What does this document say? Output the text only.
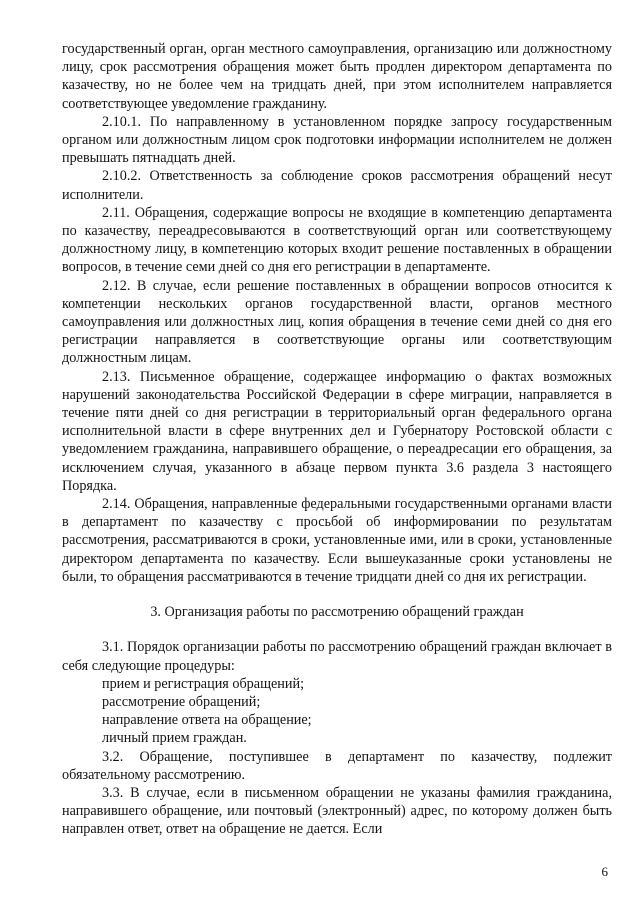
государственный орган, орган местного самоуправления, организацию или должностному лицу, срок рассмотрения обращения может быть продлен директором департамента по казачеству, но не более чем на тридцать дней, при этом исполнителем направляется соответствующее уведомление гражданину.

2.10.1. По направленному в установленном порядке запросу государственным органом или должностным лицом срок подготовки информации исполнителем не должен превышать пятнадцать дней.

2.10.2. Ответственность за соблюдение сроков рассмотрения обращений несут исполнители.

2.11. Обращения, содержащие вопросы не входящие в компетенцию департамента по казачеству, переадресовываются в соответствующий орган или соответствующему должностному лицу, в компетенцию которых входит решение поставленных в обращении вопросов, в течение семи дней со дня его регистрации в департаменте.

2.12. В случае, если решение поставленных в обращении вопросов относится к компетенции нескольких органов государственной власти, органов местного самоуправления или должностных лиц, копия обращения в течение семи дней со дня его регистрации направляется в соответствующие органы или соответствующим должностным лицам.

2.13. Письменное обращение, содержащее информацию о фактах возможных нарушений законодательства Российской Федерации в сфере миграции, направляется в течение пяти дней со дня регистрации в территориальный орган федерального органа исполнительной власти в сфере внутренних дел и Губернатору Ростовской области с уведомлением гражданина, направившего обращение, о переадресации его обращения, за исключением случая, указанного в абзаце первом пункта 3.6 раздела 3 настоящего Порядка.

2.14. Обращения, направленные федеральными государственными органами власти в департамент по казачеству с просьбой об информировании по результатам рассмотрения, рассматриваются в сроки, установленные ими, или в сроки, установленные директором департамента по казачеству. Если вышеуказанные сроки установлены не были, то обращения рассматриваются в течение тридцати дней со дня их регистрации.

3. Организация работы по рассмотрению обращений граждан

3.1. Порядок организации работы по рассмотрению обращений граждан включает в себя следующие процедуры:

прием и регистрация обращений;

рассмотрение обращений;

направление ответа на обращение;

личный прием граждан.

3.2. Обращение, поступившее в департамент по казачеству, подлежит обязательному рассмотрению.

3.3. В случае, если в письменном обращении не указаны фамилия гражданина, направившего обращение, или почтовый (электронный) адрес, по которому должен быть направлен ответ, ответ на обращение не дается. Если

6
